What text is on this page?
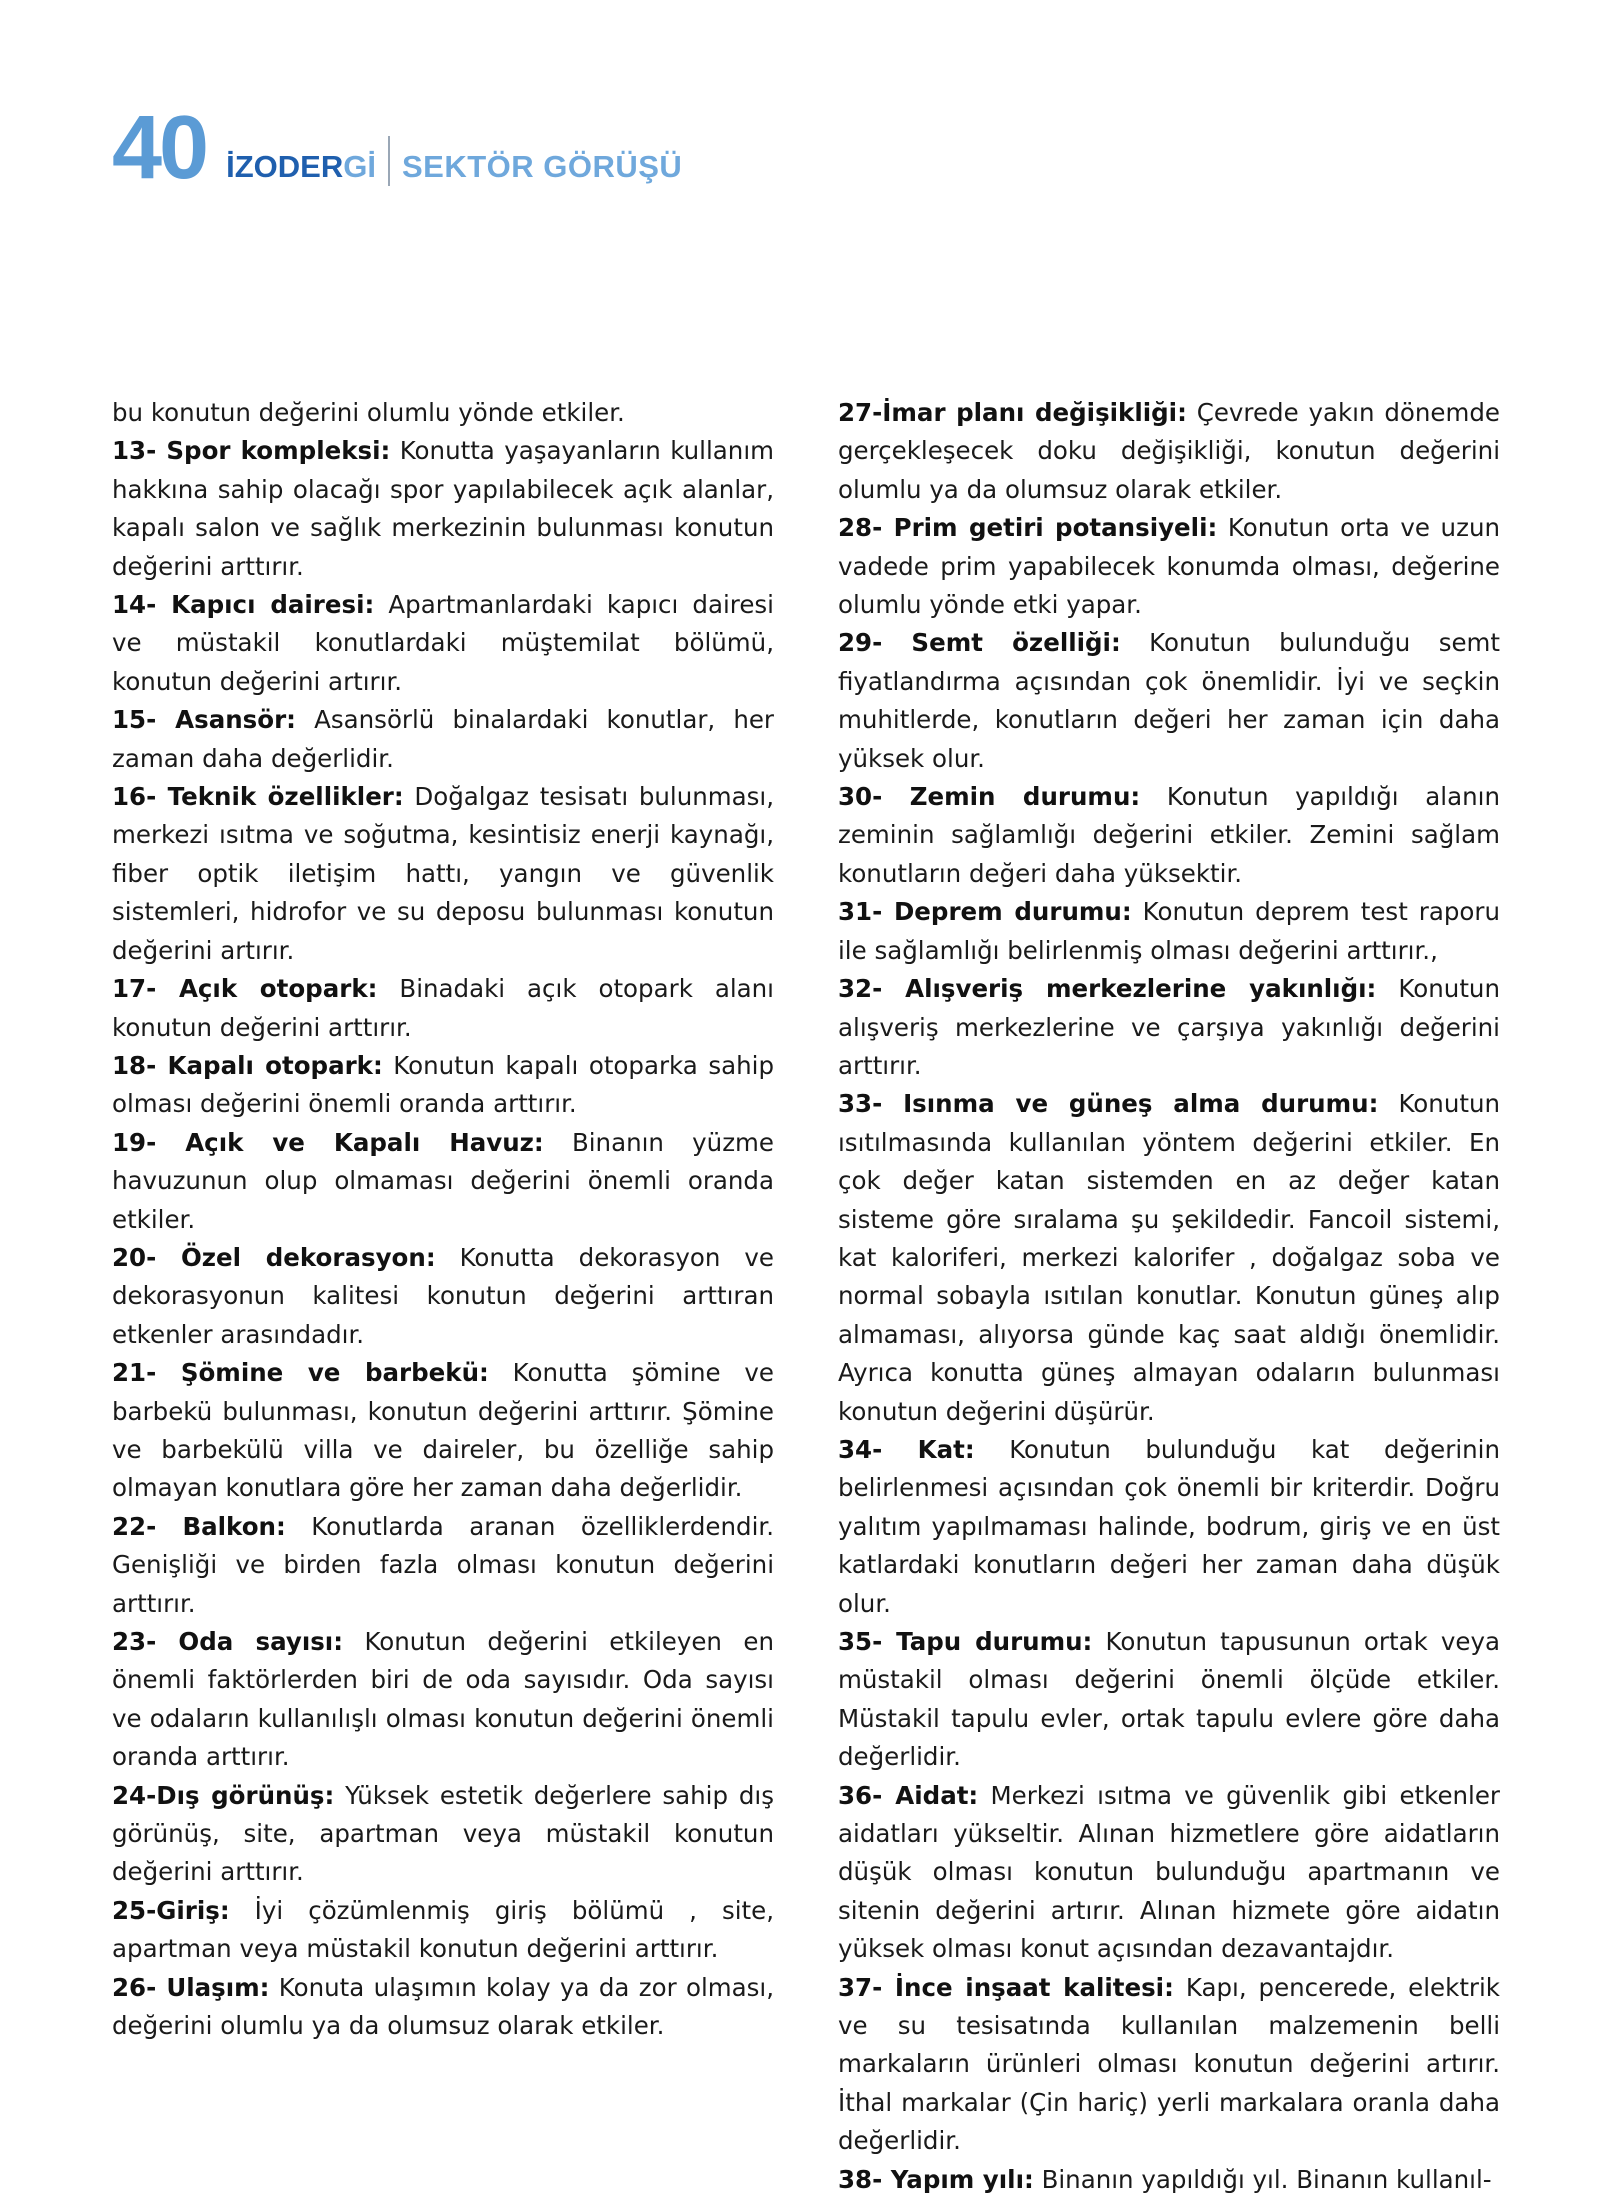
40 İZODERGİ SEKTÖR GÖRÜŞÜ

bu konutun değerini olumlu yönde etkiler.

13- Spor kompleksi: Konutta yaşayanların kullanım hakkına sahip olacağı spor yapılabilecek açık alanlar, kapalı salon ve sağlık merkezinin bulunması konutun değerini arttırır.

14- Kapıcı dairesi: Apartmanlardaki kapıcı dairesi ve müstakil konutlardaki müştemilat bölümü, konutun değerini artırır.

15- Asansör: Asansörlü binalardaki konutlar, her zaman daha değerlidir.

16- Teknik özellikler: Doğalgaz tesisatı bulunması, merkezi ısıtma ve soğutma, kesintisiz enerji kaynağı, fiber optik iletişim hattı, yangın ve güvenlik sistemleri, hidrofor ve su deposu bulunması konutun değerini artırır.

17- Açık otopark: Binadaki açık otopark alanı konutun değerini arttırır.

18- Kapalı otopark: Konutun kapalı otoparka sahip olması değerini önemli oranda arttırır.

19- Açık ve Kapalı Havuz: Binanın yüzme havuzunun olup olmaması değerini önemli oranda etkiler.

20- Özel dekorasyon: Konutta dekorasyon ve dekorasyonun kalitesi konutun değerini arttıran etkenler arasındadır.

21- Şömine ve barbekü: Konutta şömine ve barbekü bulunması, konutun değerini arttırır. Şömine ve barbekülü villa ve daireler, bu özelliğe sahip olmayan konutlara göre her zaman daha değerlidir.

22- Balkon: Konutlarda aranan özelliklerdendir. Genişliği ve birden fazla olması konutun değerini arttırır.

23- Oda sayısı: Konutun değerini etkileyen en önemli faktörlerden biri de oda sayısıdır. Oda sayısı ve odaların kullanılışlı olması konutun değerini önemli oranda arttırır.

24-Dış görünüş: Yüksek estetik değerlere sahip dış görünüş, site, apartman veya müstakil konutun değerini arttırır.

25-Giriş: İyi çözümlenmiş giriş bölümü , site, apartman veya müstakil konutun değerini arttırır.

26- Ulaşım: Konuta ulaşımın kolay ya da zor olması, değerini olumlu ya da olumsuz olarak etkiler.

27-İmar planı değişikliği: Çevrede yakın dönemde gerçekleşecek doku değişikliği, konutun değerini olumlu ya da olumsuz olarak etkiler.

28- Prim getiri potansiyeli: Konutun orta ve uzun vadede prim yapabilecek konumda olması, değerine olumlu yönde etki yapar.

29- Semt özelliği: Konutun bulunduğu semt fiyatlandırma açısından çok önemlidir. İyi ve seçkin muhitlerde, konutların değeri her zaman için daha yüksek olur.

30- Zemin durumu: Konutun yapıldığı alanın zeminin sağlamlığı değerini etkiler. Zemini sağlam konutların değeri daha yüksektir.

31- Deprem durumu: Konutun deprem test raporu ile sağlamlığı belirlenmiş olması değerini arttırır.,

32- Alışveriş merkezlerine yakınlığı: Konutun alışveriş merkezlerine ve çarşıya yakınlığı değerini arttırır.

33- Isınma ve güneş alma durumu: Konutun ısıtılmasında kullanılan yöntem değerini etkiler. En çok değer katan sistemden en az değer katan sisteme göre sıralama şu şekildedir. Fancoil sistemi, kat kaloriferi, merkezi kalorifer , doğalgaz soba ve normal sobayla ısıtılan konutlar. Konutun güneş alıp almaması, alıyorsa günde kaç saat aldığı önemlidir. Ayrıca konutta güneş almayan odaların bulunması konutun değerini düşürür.

34- Kat: Konutun bulunduğu kat değerinin belirlenmesi açısından çok önemli bir kriterdir. Doğru yalıtım yapılmaması halinde, bodrum, giriş ve en üst katlardaki konutların değeri her zaman daha düşük olur.

35- Tapu durumu: Konutun tapusunun ortak veya müstakil olması değerini önemli ölçüde etkiler. Müstakil tapulu evler, ortak tapulu evlere göre daha değerlidir.

36- Aidat: Merkezi ısıtma ve güvenlik gibi etkenler aidatları yükseltir. Alınan hizmetlere göre aidatların düşük olması konutun bulunduğu apartmanın ve sitenin değerini artırır. Alınan hizmete göre aidatın yüksek olması konut açısından dezavantajdır.

37- İnce inşaat kalitesi: Kapı, pencerede, elektrik ve su tesisatında kullanılan malzemenin belli markaların ürünleri olması konutun değerini artırır. İthal markalar (Çin hariç) yerli markalara oranla daha değerlidir.

38- Yapım yılı: Binanın yapıldığı yıl. Binanın kullanıl-
